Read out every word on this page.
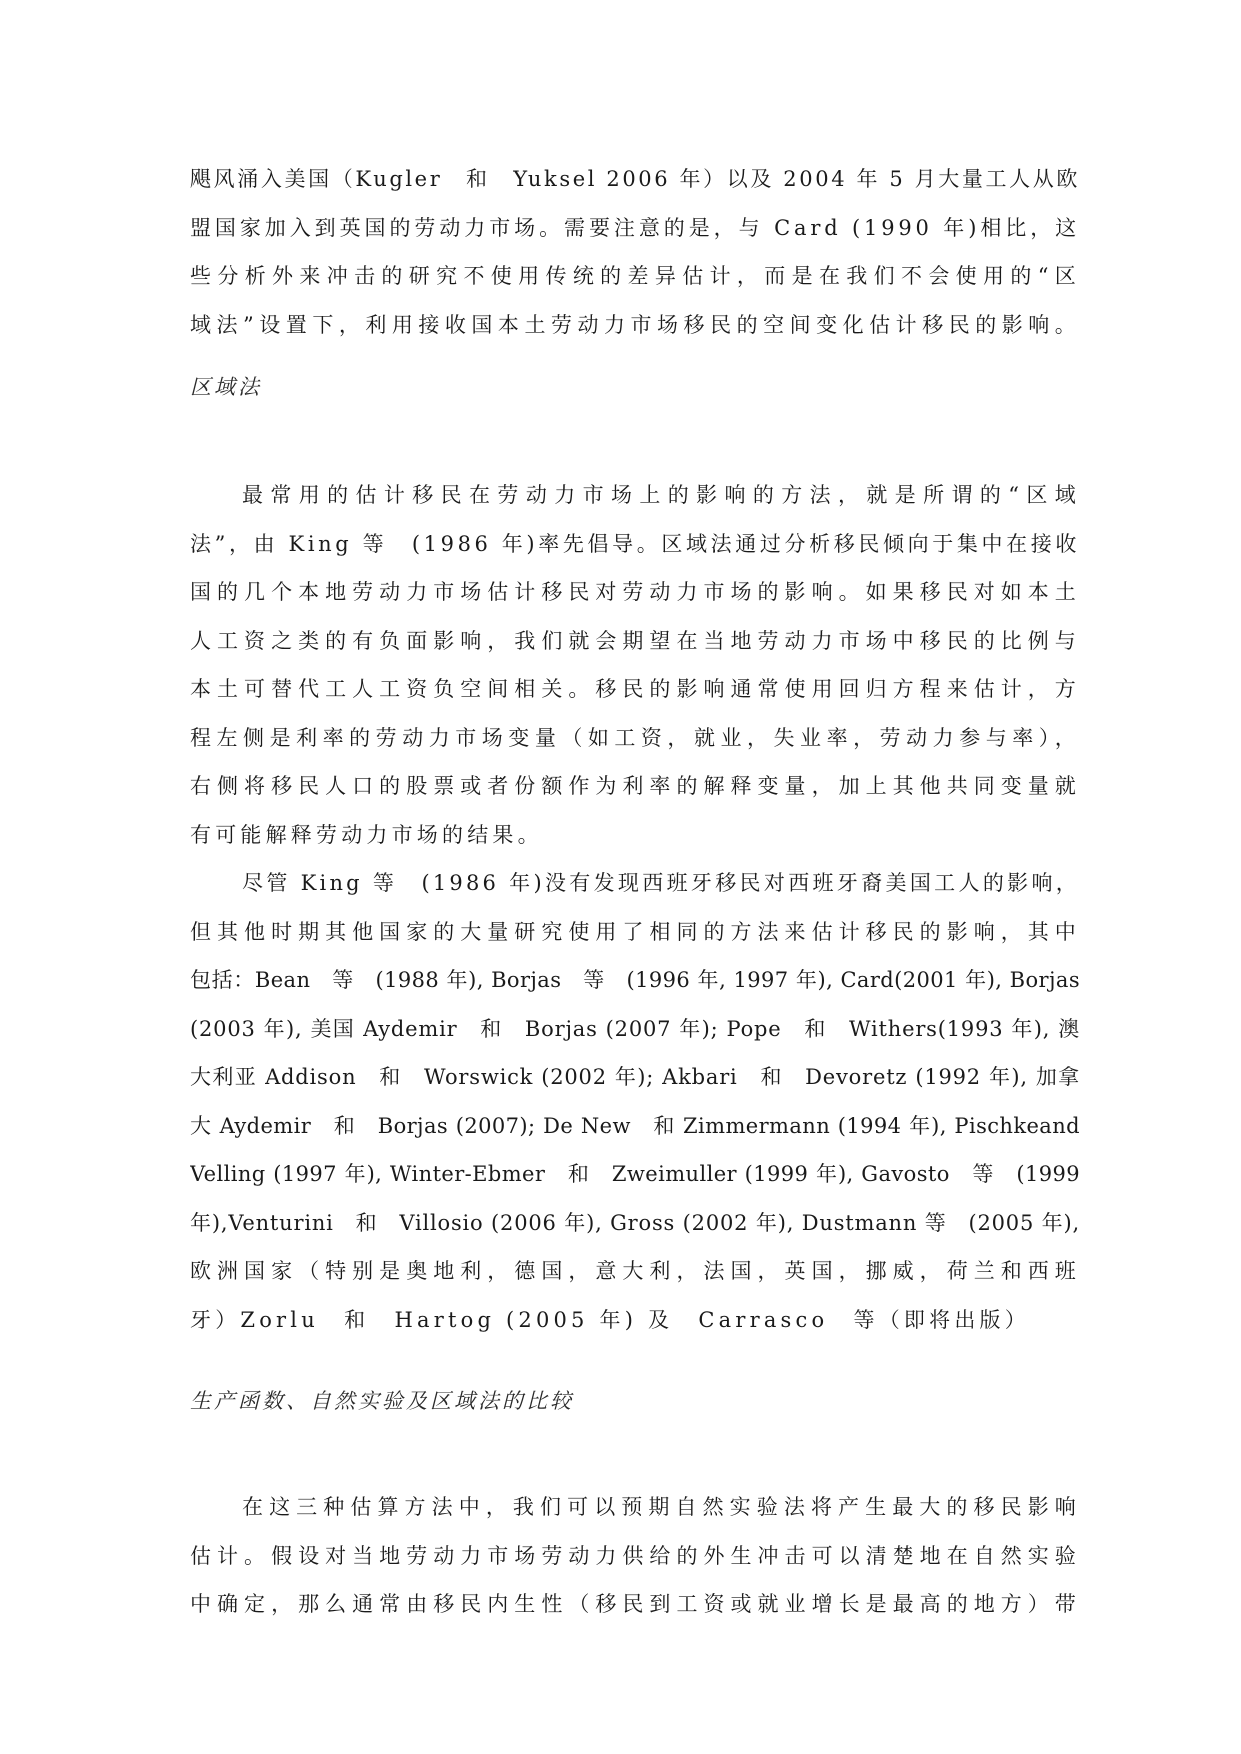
飓风涌入美国（Kugler　和　Yuksel 2006 年）以及 2004 年 5 月大量工人从欧
盟国家加入到英国的劳动力市场。需要注意的是，与 Card (1990 年)相比，这
些分析外来冲击的研究不使用传统的差异估计，而是在我们不会使用的“区
域法”设置下，利用接收国本土劳动力市场移民的空间变化估计移民的影响。
区域法
最常用的估计移民在劳动力市场上的影响的方法，就是所谓的“区域
法”，由 King 等　(1986 年)率先倡导。区域法通过分析移民倾向于集中在接收
国的几个本地劳动力市场估计移民对劳动力市场的影响。如果移民对如本土
人工资之类的有负面影响，我们就会期望在当地劳动力市场中移民的比例与
本土可替代工人工资负空间相关。移民的影响通常使用回归方程来估计，方
程左侧是利率的劳动力市场变量（如工资，就业，失业率，劳动力参与率），
右侧将移民人口的股票或者份额作为利率的解释变量，加上其他共同变量就
有可能解释劳动力市场的结果。
尽管 King 等　(1986 年)没有发现西班牙移民对西班牙裔美国工人的影响，
但其他时期其他国家的大量研究使用了相同的方法来估计移民的影响，其中
包括：Bean　等　(1988 年), Borjas　等　(1996 年, 1997 年), Card(2001 年), Borjas
(2003 年), 美国 Aydemir　和　Borjas (2007 年); Pope　和　Withers(1993 年), 澳
大利亚 Addison　和　Worswick (2002 年); Akbari　和　Devoretz (1992 年), 加拿
大 Aydemir　和　Borjas (2007); De New　和 Zimmermann (1994 年), Pischkeand
Velling (1997 年), Winter-Ebmer　和　Zweimuller (1999 年), Gavosto　等　(1999
年),Venturini　和　Villosio (2006 年), Gross (2002 年), Dustmann 等　(2005 年),
欧洲国家（特别是奥地利，德国，意大利，法国，英国，挪威，荷兰和西班
牙）Zorlu　和　Hartog (2005 年) 及　Carrasco　等（即将出版）
生产函数、自然实验及区域法的比较
在这三种估算方法中，我们可以预期自然实验法将产生最大的移民影响
估计。假设对当地劳动力市场劳动力供给的外生冲击可以清楚地在自然实验
中确定，那么通常由移民内生性（移民到工资或就业增长是最高的地方）带
